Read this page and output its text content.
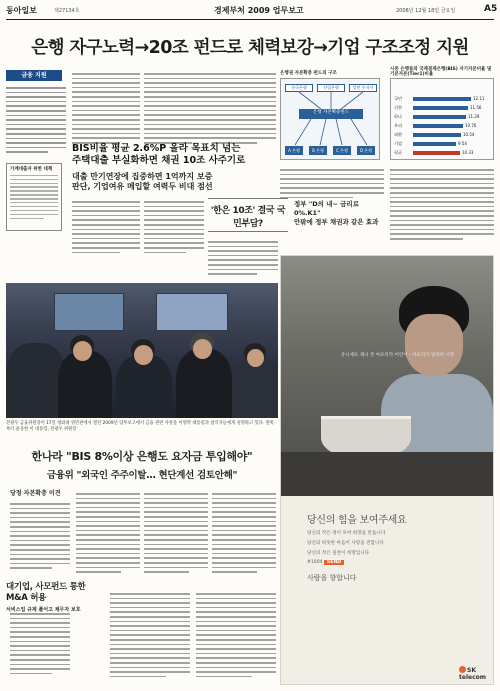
동아일보	제27134호	경제부처 2009 업무보고	2008년 12월 18일 금요일	A5
은행 자구노력→20조 펀드로 체력보강→기업 구조조정 지원
금융 지원
가계대출자 위한 대책
BIS비율 평균 2.6%P 올라 목표치 넘는
주택대출 부실화하면 채권 10조 사주기로
대출 만기연장에 집중하면 1억까지 보증
판단, 기업여유 메입할 여력두 비대 점선
은행권 자본확충 펀드의 구조
시중 은행들의 국제결제은행(BIS) 자기자본비율 및 기본자본(Tier1)비율
한국은행	산업은행	일반 투자자
은행 자본확충펀드
A 은행	B 은행	C 은행	D 은행
국민	12.11
신한	11.56
하나	11.29
우리	10.76
외환	10.54
기업	9.54
평균	10.33
'한은 10조' 결국 국민부담?
정부 "D의 내~ 금리로 0%.K1"
안팎에 정부 채권과 같은 효과
전광우 금융위원장이 17일 청와대 영빈관에서 열린 2009년 업무보고에서 금융 관련 사항을 이명박 대통령과 참석자들에게 설명하고 있다. 왼쪽부터 윤증현 이 대통령, 전광우 위원장
한나라 "BIS 8%이상 은행도 요자금 투입해야"
금융위 "외국인 주주이탈… 현단계선 검토안해"
당정 자본확충 이견
대기업, 사모펀드 통한 M&A 허용
서비스업 규제 풀어고 채무자 보호
유니세프 제니 본 아프리카 어린이 - 아프리카 말라위 시만
당신의 힘을 보여주세요
당신의 작은 정이 모여 희망을 만듭니다
당신의 따뜻한 마음이 사랑을 전합니다
당신의 작은 실천이 희망입니다
#1004 SEND
사람을 향합니다
SK telecom
